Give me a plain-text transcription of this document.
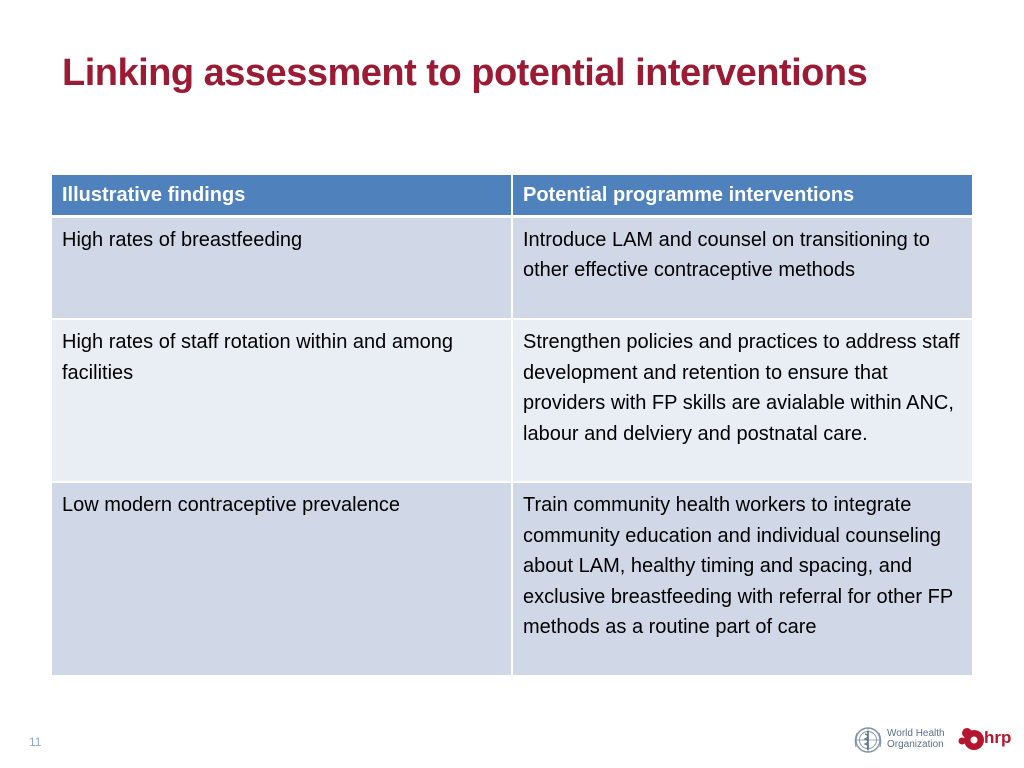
Linking assessment to potential interventions
Illustrative findings	Potential programme interventions
High rates of breastfeeding	Introduce LAM and counsel on transitioning to other effective contraceptive methods
High rates of staff rotation within and among facilities	Strengthen policies and practices to address staff development and retention to ensure that providers with FP skills are avialable within ANC, labour and delviery and postnatal care.
Low modern contraceptive prevalence	Train community health workers to integrate community education and individual counseling about LAM, healthy timing and spacing, and exclusive breastfeeding with referral for other FP methods as a routine part of care
11
World Health
Organization hrp
